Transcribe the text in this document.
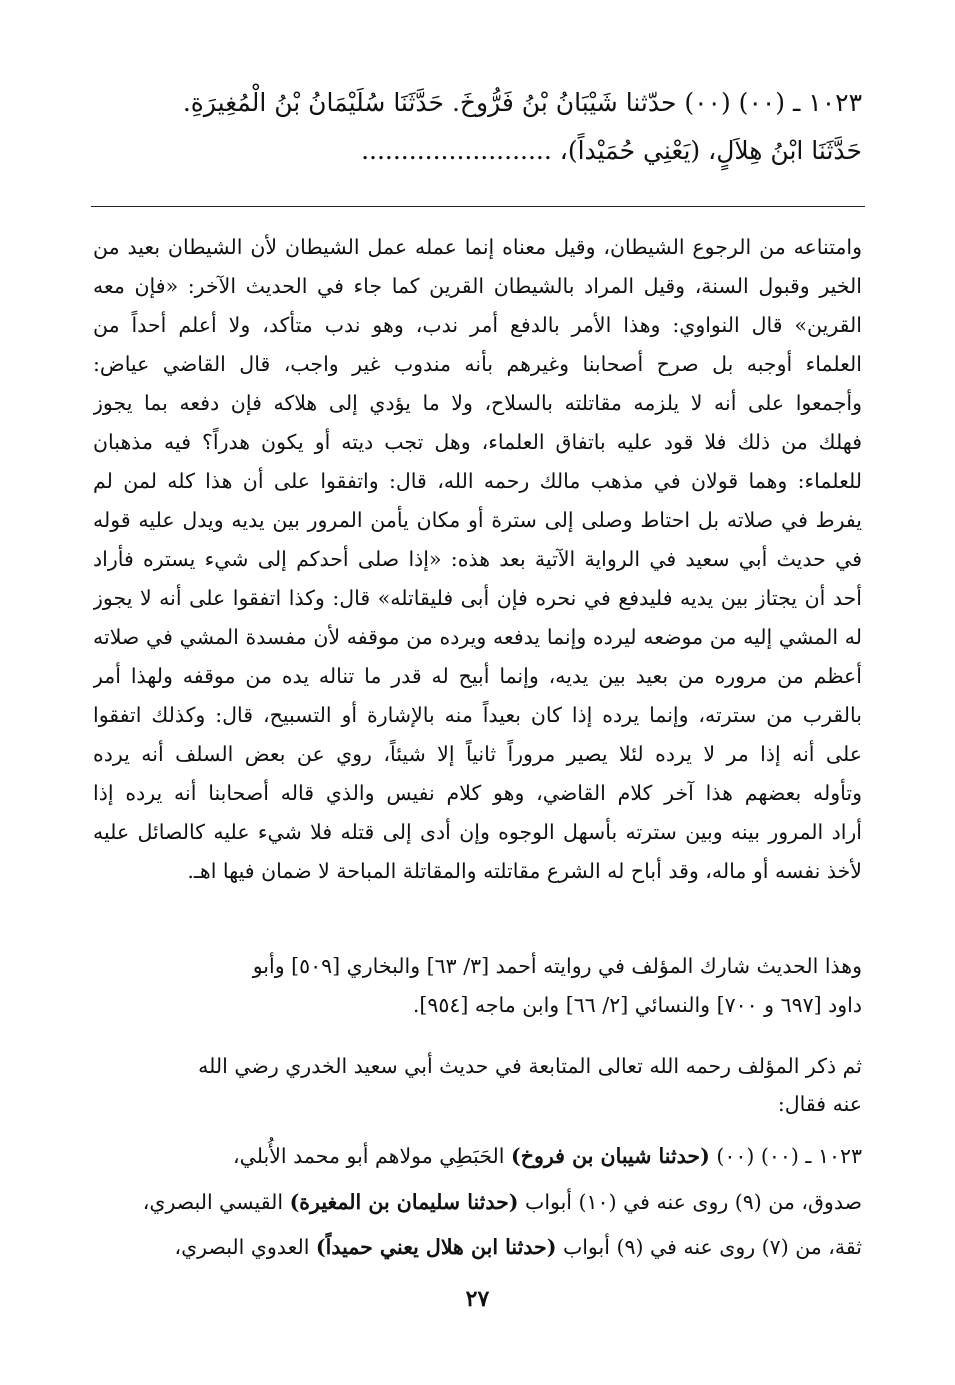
١٠٢٣ ـ (٠٠) (٠٠) حدّثنا شَيْبَانُ بْنُ فَرُّوخَ. حَدَّثَنَا سُلَيْمَانُ بْنُ الْمُغِيرَةِ.
حَدَّثَنَا ابْنُ هِلاَلٍ، (يَعْنِي حُمَيْداً)، ........................
وامتناعه من الرجوع الشيطان، وقيل معناه إنما عمله عمل الشيطان لأن الشيطان بعيد من
الخير وقبول السنة، وقيل المراد بالشيطان القرين كما جاء في الحديث الآخر: «فإن معه
القرين» قال النواوي: وهذا الأمر بالدفع أمر ندب، وهو ندب متأكد، ولا أعلم أحداً من
العلماء أوجبه بل صرح أصحابنا وغيرهم بأنه مندوب غير واجب، قال القاضي عياض:
وأجمعوا على أنه لا يلزمه مقاتلته بالسلاح، ولا ما يؤدي إلى هلاكه فإن دفعه بما يجوز
فهلك من ذلك فلا قود عليه باتفاق العلماء، وهل تجب ديته أو يكون هدراً؟ فيه مذهبان
للعلماء: وهما قولان في مذهب مالك رحمه الله، قال: واتفقوا على أن هذا كله لمن لم
يفرط في صلاته بل احتاط وصلى إلى سترة أو مكان يأمن المرور بين يديه ويدل عليه قوله
في حديث أبي سعيد في الرواية الآتية بعد هذه: «إذا صلى أحدكم إلى شيء يستره فأراد
أحد أن يجتاز بين يديه فليدفع في نحره فإن أبى فليقاتله» قال: وكذا اتفقوا على أنه لا يجوز
له المشي إليه من موضعه ليرده وإنما يدفعه ويرده من موقفه لأن مفسدة المشي في صلاته
أعظم من مروره من بعيد بين يديه، وإنما أبيح له قدر ما تناله يده من موقفه ولهذا أمر
بالقرب من سترته، وإنما يرده إذا كان بعيداً منه بالإشارة أو التسبيح، قال: وكذلك اتفقوا
على أنه إذا مر لا يرده لئلا يصير مروراً ثانياً إلا شيئاً، روي عن بعض السلف أنه يرده
وتأوله بعضهم هذا آخر كلام القاضي، وهو كلام نفيس والذي قاله أصحابنا أنه يرده إذا
أراد المرور بينه وبين سترته بأسهل الوجوه وإن أدى إلى قتله فلا شيء عليه كالصائل عليه
لأخذ نفسه أو ماله، وقد أباح له الشرع مقاتلته والمقاتلة المباحة لا ضمان فيها اهـ.
وهذا الحديث شارك المؤلف في روايته أحمد [٣/ ٦٣] والبخاري [٥٠٩] وأبو
داود [٦٩٧ و ٧٠٠] والنسائي [٢/ ٦٦] وابن ماجه [٩٥٤].
ثم ذكر المؤلف رحمه الله تعالى المتابعة في حديث أبي سعيد الخدري رضي الله
عنه فقال:
١٠٢٣ ـ (٠٠) (٠٠) (حدثنا شيبان بن فروخ) الحَبَطِي مولاهم أبو محمد الأُبلي،
صدوق، من (٩) روى عنه في (١٠) أبواب (حدثنا سليمان بن المغيرة) القيسي البصري،
ثقة، من (٧) روى عنه في (٩) أبواب (حدثنا ابن هلال يعني حميداً) العدوي البصري،
٢٧
